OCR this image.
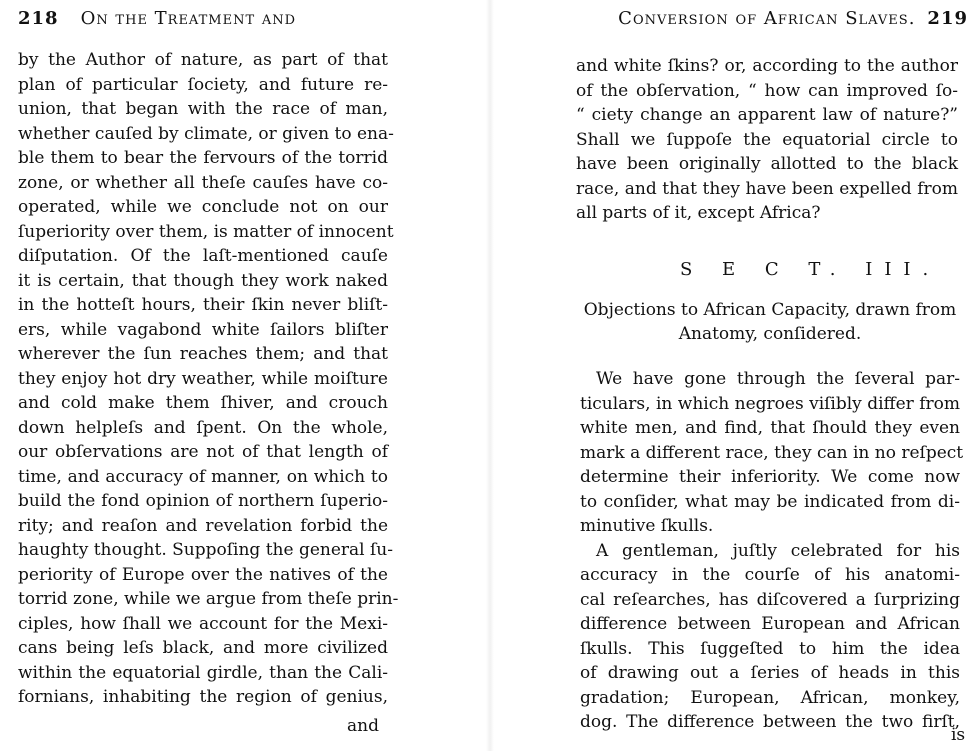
218 On the Treatment and
by the Author of nature, as part of that
plan of particular ſociety, and future re-
union, that began with the race of man,
whether cauſed by climate, or given to ena-
ble them to bear the fervours of the torrid
zone, or whether all theſe cauſes have co-
operated, while we conclude not on our
ſuperiority over them, is matter of innocent
diſputation. Of the laſt-mentioned cauſe
it is certain, that though they work naked
in the hotteſt hours, their ſkin never bliſt-
ers, while vagabond white ſailors bliſter
wherever the ſun reaches them; and that
they enjoy hot dry weather, while moiſture
and cold make them ſhiver, and crouch
down helpleſs and ſpent. On the whole,
our obſervations are not of that length of
time, and accuracy of manner, on which to
build the fond opinion of northern ſuperio-
rity; and reaſon and revelation forbid the
haughty thought. Suppoſing the general ſu-
periority of Europe over the natives of the
torrid zone, while we argue from theſe prin-
ciples, how ſhall we account for the Mexi-
cans being leſs black, and more civilized
within the equatorial girdle, than the Cali-
fornians, inhabiting the region of genius,
and
Conversion of African Slaves. 219
and white ſkins? or, according to the author
of the obſervation, “ how can improved ſo-
“ ciety change an apparent law of nature?”
Shall we ſuppoſe the equatorial circle to
have been originally allotted to the black
race, and that they have been expelled from
all parts of it, except Africa?
S E C T. III.
Objections to African Capacity, drawn from
Anatomy, conſidered.
We have gone through the ſeveral par-
ticulars, in which negroes viſibly differ from
white men, and find, that ſhould they even
mark a different race, they can in no reſpect
determine their inferiority. We come now
to conſider, what may be indicated from di-
minutive ſkulls.
A gentleman, juſtly celebrated for his
accuracy in the courſe of his anatomi-
cal reſearches, has diſcovered a ſurprizing
difference between European and African
ſkulls. This ſuggeſted to him the idea
of drawing out a ſeries of heads in this
gradation; European, African, monkey,
dog. The difference between the two firſt,
is
